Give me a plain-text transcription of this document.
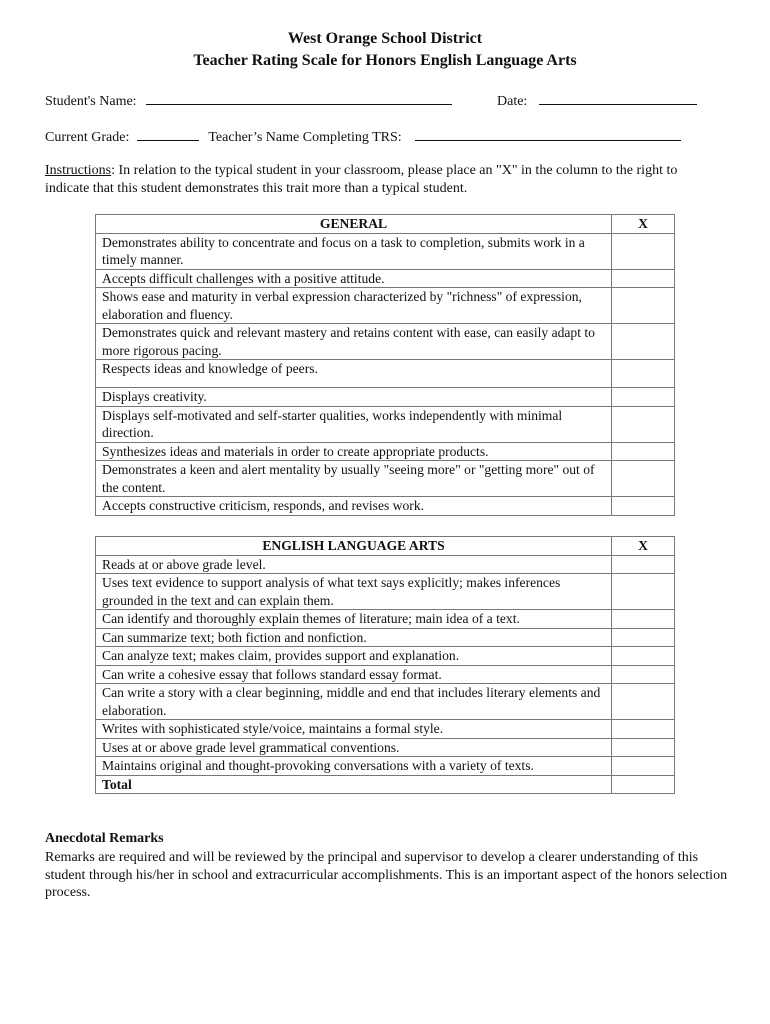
West Orange School District
Teacher Rating Scale for Honors English Language Arts
Student's Name:	Date:
Current Grade:	Teacher’s Name Completing TRS:
Instructions: In relation to the typical student in your classroom, please place an "X" in the column to the right to indicate that this student demonstrates this trait more than a typical student.
GENERAL	X
Demonstrates ability to concentrate and focus on a task to completion, submits work in a timely manner.	
Accepts difficult challenges with a positive attitude.	
Shows ease and maturity in verbal expression characterized by "richness" of expression, elaboration and fluency.	
Demonstrates quick and relevant mastery and retains content with ease, can easily adapt to more rigorous pacing.	
Respects ideas and knowledge of peers.	
Displays creativity.	
Displays self-motivated and self-starter qualities, works independently with minimal direction.	
Synthesizes ideas and materials in order to create appropriate products.	
Demonstrates a keen and alert mentality by usually "seeing more" or "getting more" out of the content.	
Accepts constructive criticism, responds, and revises work.	
ENGLISH LANGUAGE ARTS	X
Reads at or above grade level.	
Uses text evidence to support analysis of what text says explicitly; makes inferences grounded in the text and can explain them.	
Can identify and thoroughly explain themes of literature; main idea of a text.	
Can summarize text; both fiction and nonfiction.	
Can analyze text; makes claim, provides support and explanation.	
Can write a cohesive essay that follows standard essay format.	
Can write a story with a clear beginning, middle and end that includes literary elements and elaboration.	
Writes with sophisticated style/voice, maintains a formal style.	
Uses at or above grade level grammatical conventions.	
Maintains original and thought-provoking conversations with a variety of texts.	
Total	
Anecdotal Remarks
Remarks are required and will be reviewed by the principal and supervisor to develop a clearer understanding of this student through his/her in school and extracurricular accomplishments. This is an important aspect of the honors selection process.
